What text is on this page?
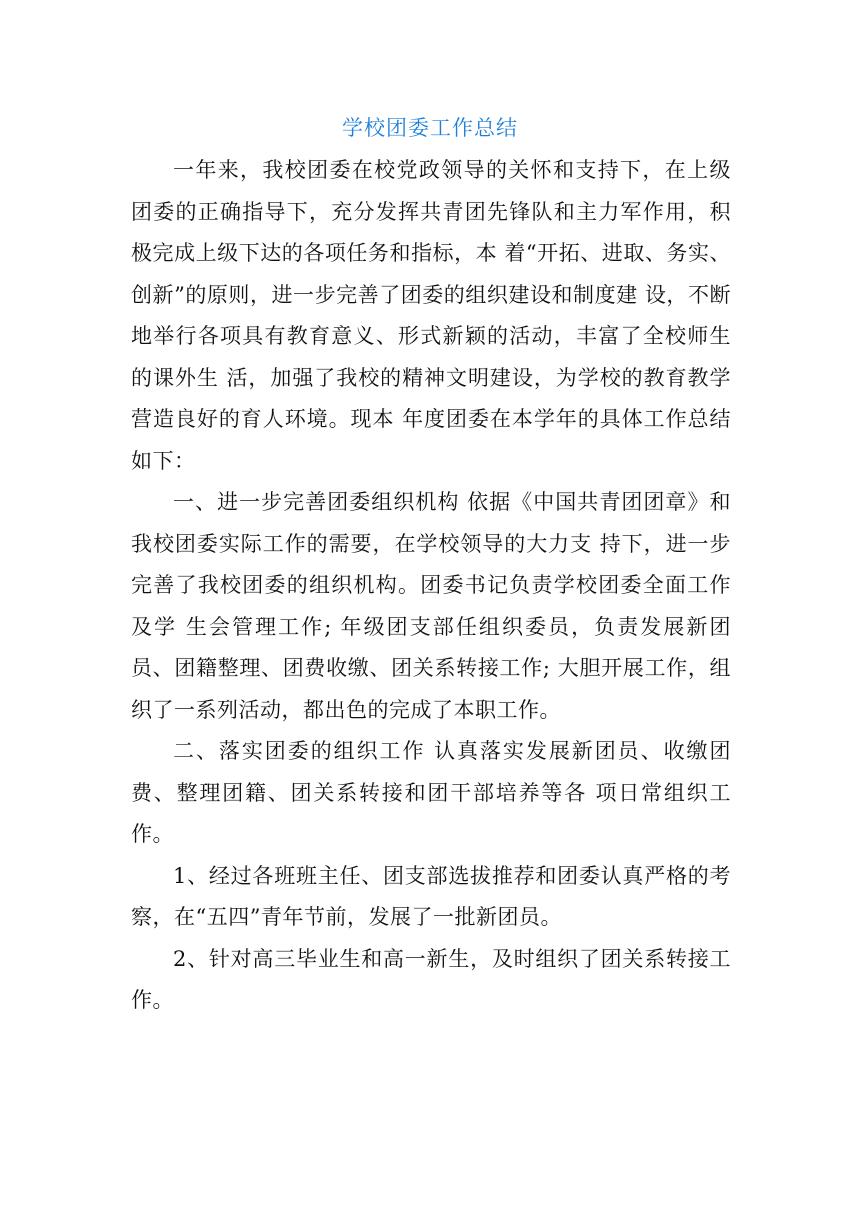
学校团委工作总结

一年来，我校团委在校党政领导的关怀和支持下，在上级团委的正确指导下，充分发挥共青团先锋队和主力军作用，积极完成上级下达的各项任务和指标，本 着“开拓、进取、务实、创新”的原则，进一步完善了团委的组织建设和制度建 设，不断地举行各项具有教育意义、形式新颖的活动，丰富了全校师生的课外生 活，加强了我校的精神文明建设，为学校的教育教学营造良好的育人环境。现本 年度团委在本学年的具体工作总结如下：

一、进一步完善团委组织机构 依据《中国共青团团章》和我校团委实际工作的需要，在学校领导的大力支 持下，进一步完善了我校团委的组织机构。团委书记负责学校团委全面工作及学 生会管理工作; 年级团支部任组织委员，负责发展新团员、团籍整理、团费收缴、团关系转接工作; 大胆开展工作，组织了一系列活动，都出色的完成了本职工作。

二、落实团委的组织工作 认真落实发展新团员、收缴团费、整理团籍、团关系转接和团干部培养等各 项日常组织工作。

1、经过各班班主任、团支部选拔推荐和团委认真严格的考察，在“五四”青年节前，发展了一批新团员。

2、针对高三毕业生和高一新生，及时组织了团关系转接工作。
